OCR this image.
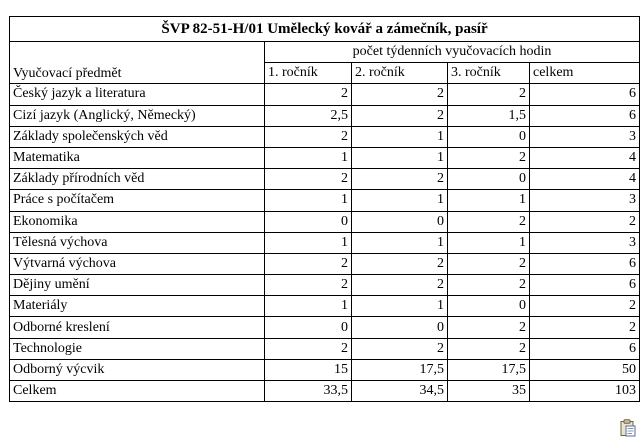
ŠVP 82-51-H/01 Umělecký kovář a zámečník, pasíř				
Vyučovací předmět	počet týdenních vyučovacích hodin			
	1. ročník	2. ročník	3. ročník	celkem
Český jazyk a literatura	2	2	2	6
Cizí jazyk (Anglický, Německý)	2,5	2	1,5	6
Základy společenských věd	2	1	0	3
Matematika	1	1	2	4
Základy přírodních věd	2	2	0	4
Práce s počítačem	1	1	1	3
Ekonomika	0	0	2	2
Tělesná výchova	1	1	1	3
Výtvarná výchova	2	2	2	6
Dějiny umění	2	2	2	6
Materiály	1	1	0	2
Odborné kreslení	0	0	2	2
Technologie	2	2	2	6
Odborný výcvik	15	17,5	17,5	50
Celkem	33,5	34,5	35	103
